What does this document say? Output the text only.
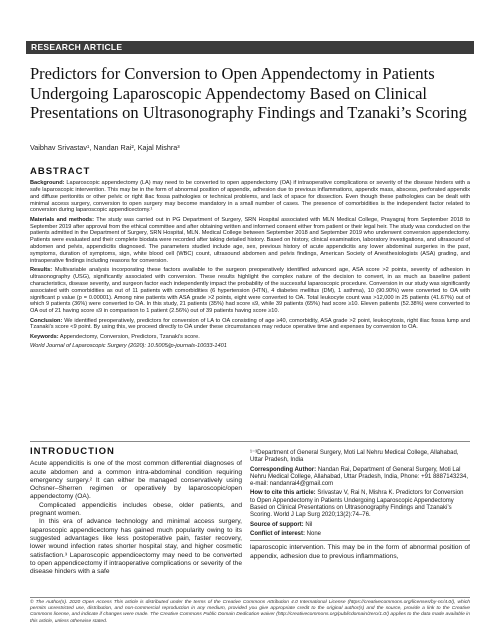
RESEARCH ARTICLE
Predictors for Conversion to Open Appendectomy in Patients Undergoing Laparoscopic Appendectomy Based on Clinical Presentations on Ultrasonography Findings and Tzanaki’s Scoring
Vaibhav Srivastav¹, Nandan Rai², Kajal Mishra³
ABSTRACT

Background: Laparoscopic appendectomy (LA) may need to be converted to open appendectomy (OA) if intraoperative complications or severity of the disease hinders with a safe laparoscopic intervention. This may be in the form of abnormal position of appendix, adhesion due to previous inflammations, appendix mass, abscess, perforated appendix and diffuse peritonitis or other pelvic or right iliac fossa pathologies or technical problems, and lack of space for dissection. Even though these pathologies can be dealt with minimal access surgery, conversion to open surgery may become mandatory in a small number of cases. The presence of comorbidities is the independent factor related to conversion during laparoscopic appendicectomy.¹

Materials and methods: The study was carried out in PG Department of Surgery, SRN Hospital associated with MLN Medical College, Prayagraj from September 2018 to September 2019 after approval from the ethical committee and after obtaining written and informed consent either from patient or their legal heir. The study was conducted on the patients admitted in the Department of Surgery, SRN Hospital, MLN. Medical College between September 2018 and September 2019 who underwent conversion appendectomy. Patients were evaluated and their complete biodata were recorded after taking detailed history. Based on history, clinical examination, laboratory investigations, and ultrasound of abdomen and pelvis, appendicitis diagnosed. The parameters studied include age, sex, previous history of acute appendicitis any lower abdominal surgeries in the past, symptoms, duration of symptoms, sign, white blood cell (WBC) count, ultrasound abdomen and pelvis findings, American Society of Anesthesiologists (ASA) grading, and intraoperative findings including reasons for conversion.

Results: Multivariable analysis incorporating these factors available to the surgeon preoperatively identified advanced age, ASA score >2 points, severity of adhesion in ultrasonography (USG), significantly associated with conversion. These results highlight the complex nature of the decision to convert, in as much as baseline patient characteristics, disease severity, and surgeon factor each independently impact the probability of the successful laparoscopic procedure. Conversion in our study was significantly associated with comorbidities as out of 11 patients with comorbidities (6 hypertension (HTN), 4 diabetes mellitus (DM), 1 asthma), 10 (90.90%) were converted to OA with significant p value (p = 0.00001). Among nine patients with ASA grade >2 points, eight were converted to OA. Total leukocyte count was >12,000 in 25 patients (41.67%) out of which 9 patients (36%) were converted to OA. In this study, 21 patients (35%) had score ≤9, while 39 patients (65%) had score ≥10. Eleven patients (52.38%) were converted to OA out of 21 having score ≤9 in comparison to 1 patient (2.56%) out of 39 patients having score ≥10.

Conclusion: We identified preoperatively, predictors for conversion of LA to OA consisting of age ≥40, comorbidity, ASA grade >2 point, leukocytosis, right iliac fossa lump and Tzanaki’s score <9 point. By using this, we proceed directly to OA under these circumstances may reduce operative time and expenses by conversion to OA.

Keywords: Appendectomy, Conversion, Predictors, Tzanaki’s score.

World Journal of Laparoscopic Surgery (2020): 10.5005/jp-journals-10033-1401

INTRODUCTION

Acute appendicitis is one of the most common differential diagnoses of acute abdomen and a common intra-abdominal condition requiring emergency surgery.² It can either be managed conservatively using Ochsner–Sherren regimen or operatively by laparoscopic/open appendectomy (OA).

Complicated appendicitis includes obese, older patients, and pregnant women.

In this era of advance technology and minimal access surgery, laparoscopic appendicectomy has gained much popularity owing to its suggested advantages like less postoperative pain, faster recovery, lower wound infection rates shorter hospital stay, and higher cosmetic satisfaction.³ Laparoscopic appendicectomy may need to be converted to open appendicectomy if intraoperative complications or severity of the disease hinders with a safe

¹⁻³Department of General Surgery, Moti Lal Nehru Medical College, Allahabad, Uttar Pradesh, India

Corresponding Author: Nandan Rai, Department of General Surgery, Moti Lal Nehru Medical College, Allahabad, Uttar Pradesh, India, Phone: +91 8887143234, e-mail: nandanrai4@gmail.com

How to cite this article: Srivastav V, Rai N, Mishra K. Predictors for Conversion to Open Appendectomy in Patients Undergoing Laparoscopic Appendectomy Based on Clinical Presentations on Ultrasonography Findings and Tzanaki’s Scoring. World J Lap Surg 2020;13(2):74–76.

Source of support: Nil

Conflict of interest: None

laparoscopic intervention. This may be in the form of abnormal position of appendix, adhesion due to previous inflammations,

© The Author(s). 2020 Open Access This article is distributed under the terms of the Creative Commons Attribution 4.0 International License (https://creativecommons.org/licenses/by-nc/4.0/), which permits unrestricted use, distribution, and non-commercial reproduction in any medium, provided you give appropriate credit to the original author(s) and the source, provide a link to the Creative Commons license, and indicate if changes were made. The Creative Commons Public Domain Dedication waiver (http://creativecommons.org/publicdomain/zero/1.0/) applies to the data made available in this article, unless otherwise stated.
